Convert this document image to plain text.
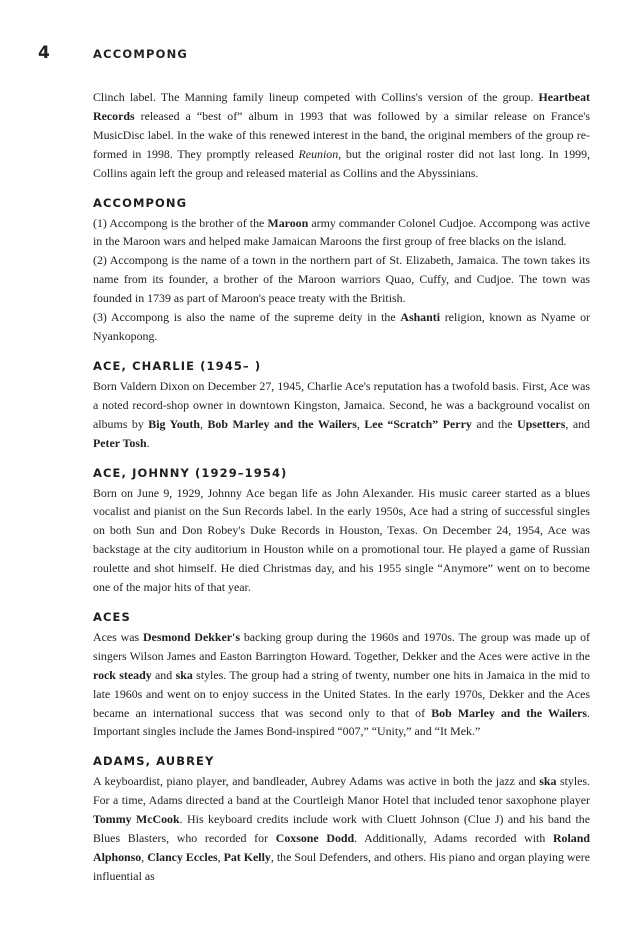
4	ACCOMPONG

Clinch label. The Manning family lineup competed with Collins's version of the group. Heartbeat Records released a “best of” album in 1993 that was followed by a similar release on France's MusicDisc label. In the wake of this renewed interest in the band, the original members of the group re-formed in 1998. They promptly released Reunion, but the original roster did not last long. In 1999, Collins again left the group and released material as Collins and the Abyssinians.

ACCOMPONG

(1) Accompong is the brother of the Maroon army commander Colonel Cudjoe. Accompong was active in the Maroon wars and helped make Jamaican Maroons the first group of free blacks on the island.

(2) Accompong is the name of a town in the northern part of St. Elizabeth, Jamaica. The town takes its name from its founder, a brother of the Maroon warriors Quao, Cuffy, and Cudjoe. The town was founded in 1739 as part of Maroon's peace treaty with the British.

(3) Accompong is also the name of the supreme deity in the Ashanti religion, known as Nyame or Nyankopong.

ACE, CHARLIE (1945– )

Born Valdern Dixon on December 27, 1945, Charlie Ace's reputation has a twofold basis. First, Ace was a noted record-shop owner in downtown Kingston, Jamaica. Second, he was a background vocalist on albums by Big Youth, Bob Marley and the Wailers, Lee “Scratch” Perry and the Upsetters, and Peter Tosh.

ACE, JOHNNY (1929–1954)

Born on June 9, 1929, Johnny Ace began life as John Alexander. His music career started as a blues vocalist and pianist on the Sun Records label. In the early 1950s, Ace had a string of successful singles on both Sun and Don Robey's Duke Records in Houston, Texas. On December 24, 1954, Ace was backstage at the city auditorium in Houston while on a promotional tour. He played a game of Russian roulette and shot himself. He died Christmas day, and his 1955 single “Anymore” went on to become one of the major hits of that year.

ACES

Aces was Desmond Dekker's backing group during the 1960s and 1970s. The group was made up of singers Wilson James and Easton Barrington Howard. Together, Dekker and the Aces were active in the rock steady and ska styles. The group had a string of twenty, number one hits in Jamaica in the mid to late 1960s and went on to enjoy success in the United States. In the early 1970s, Dekker and the Aces became an international success that was second only to that of Bob Marley and the Wailers. Important singles include the James Bond-inspired “007,” “Unity,” and “It Mek.”

ADAMS, AUBREY

A keyboardist, piano player, and bandleader, Aubrey Adams was active in both the jazz and ska styles. For a time, Adams directed a band at the Courtleigh Manor Hotel that included tenor saxophone player Tommy McCook. His keyboard credits include work with Cluett Johnson (Clue J) and his band the Blues Blasters, who recorded for Coxsone Dodd. Additionally, Adams recorded with Roland Alphonso, Clancy Eccles, Pat Kelly, the Soul Defenders, and others. His piano and organ playing were influential as
